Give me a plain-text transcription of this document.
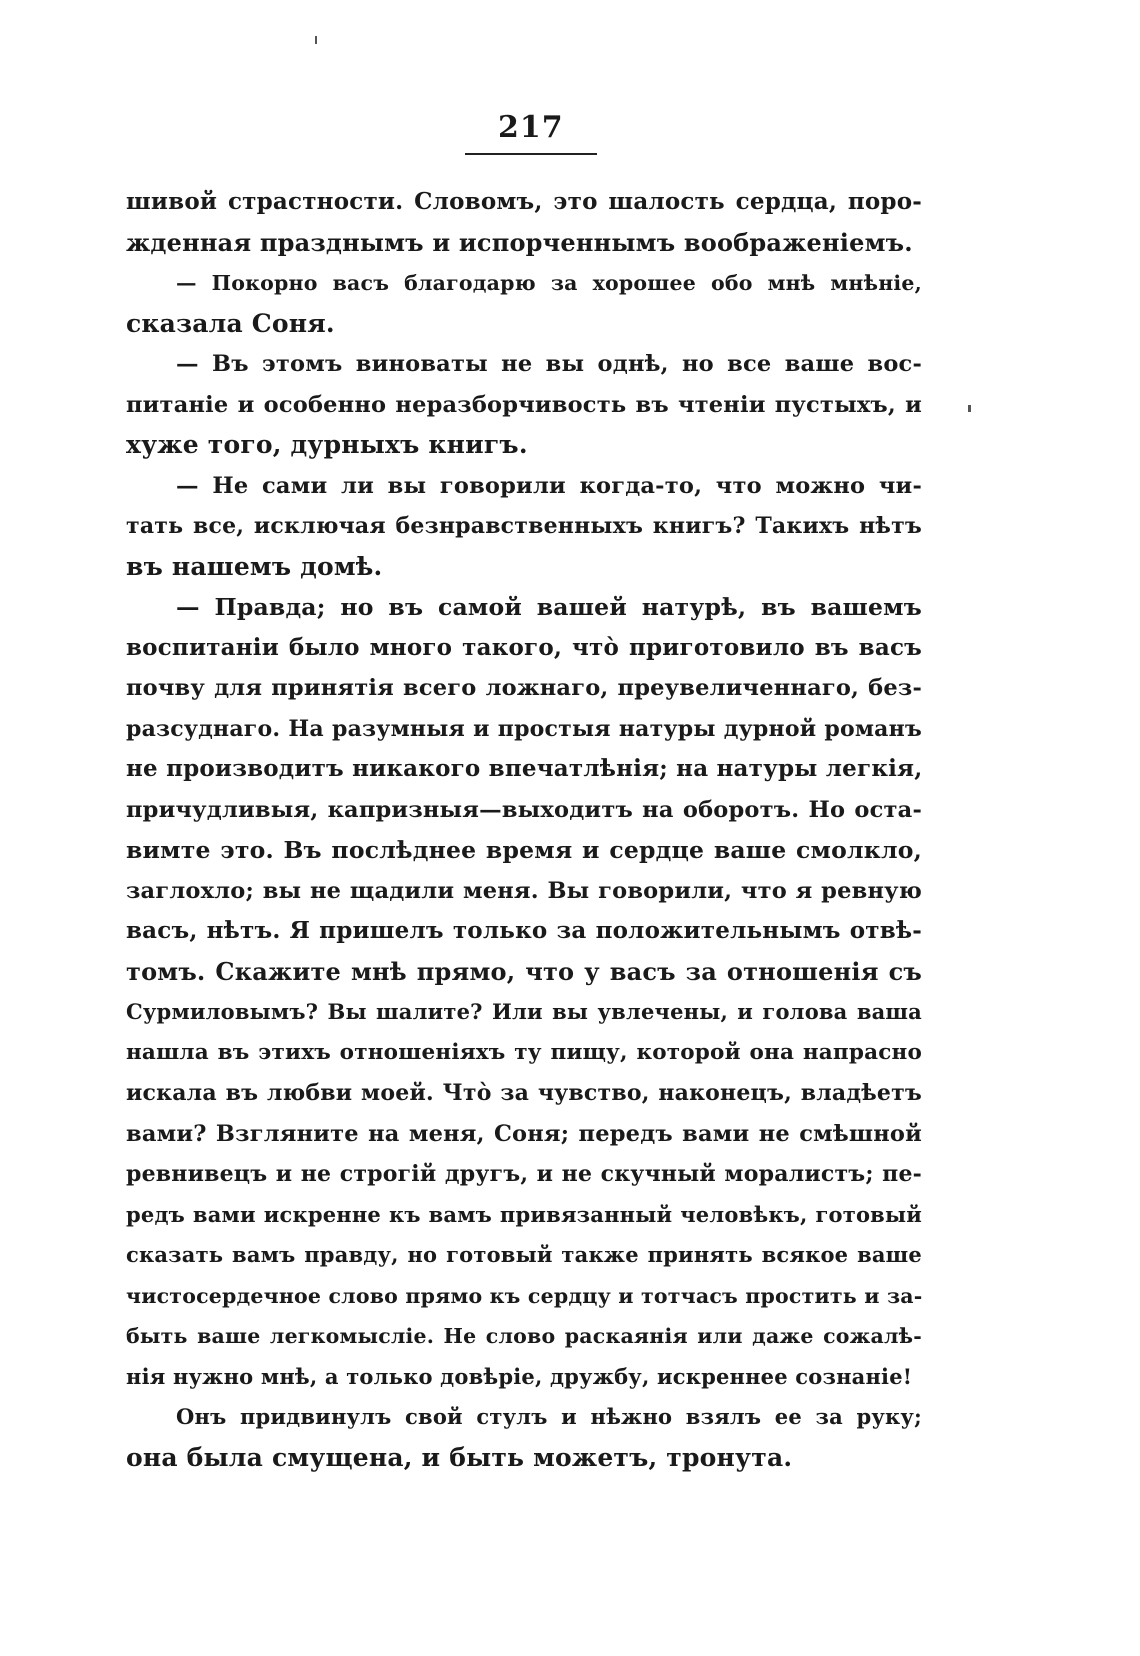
217
шивой страстности. Словомъ, это шалость сердца, поро-
жденная празднымъ и испорченнымъ воображеніемъ.
— Покорно васъ благодарю за хорошее обо мнѣ мнѣніе,
сказала Соня.
— Въ этомъ виноваты не вы однѣ, но все ваше вос-
питаніе и особенно неразборчивость въ чтеніи пустыхъ, и
хуже того, дурныхъ книгъ.
— Не сами ли вы говорили когда-то, что можно чи-
тать все, исключая безнравственныхъ книгъ? Такихъ нѣтъ
въ нашемъ домѣ.
— Правда; но въ самой вашей натурѣ, въ вашемъ
воспитаніи было много такого, что̀ приготовило въ васъ
почву для принятія всего ложнаго, преувеличеннаго, без-
разсуднаго. На разумныя и простыя натуры дурной романъ
не производитъ никакого впечатлѣнія; на натуры легкія,
причудливыя, капризныя—выходитъ на оборотъ. Но оста-
вимте это. Въ послѣднее время и сердце ваше смолкло,
заглохло; вы не щадили меня. Вы говорили, что я ревную
васъ, нѣтъ. Я пришелъ только за положительнымъ отвѣ-
томъ. Скажите мнѣ прямо, что у васъ за отношенія съ
Сурмиловымъ? Вы шалите? Или вы увлечены, и голова ваша
нашла въ этихъ отношеніяхъ ту пищу, которой она напрасно
искала въ любви моей. Что̀ за чувство, наконецъ, владѣетъ
вами? Взгляните на меня, Соня; передъ вами не смѣшной
ревнивецъ и не строгій другъ, и не скучный моралистъ; пе-
редъ вами искренне къ вамъ привязанный человѣкъ, готовый
сказать вамъ правду, но готовый также принять всякое ваше
чистосердечное слово прямо къ сердцу и тотчасъ простить и за-
быть ваше легкомысліе. Не слово раскаянія или даже сожалѣ-
нія нужно мнѣ, а только довѣріе, дружбу, искреннее сознаніе!
Онъ придвинулъ свой стулъ и нѣжно взялъ ее за руку;
она была смущена, и быть можетъ, тронута.
